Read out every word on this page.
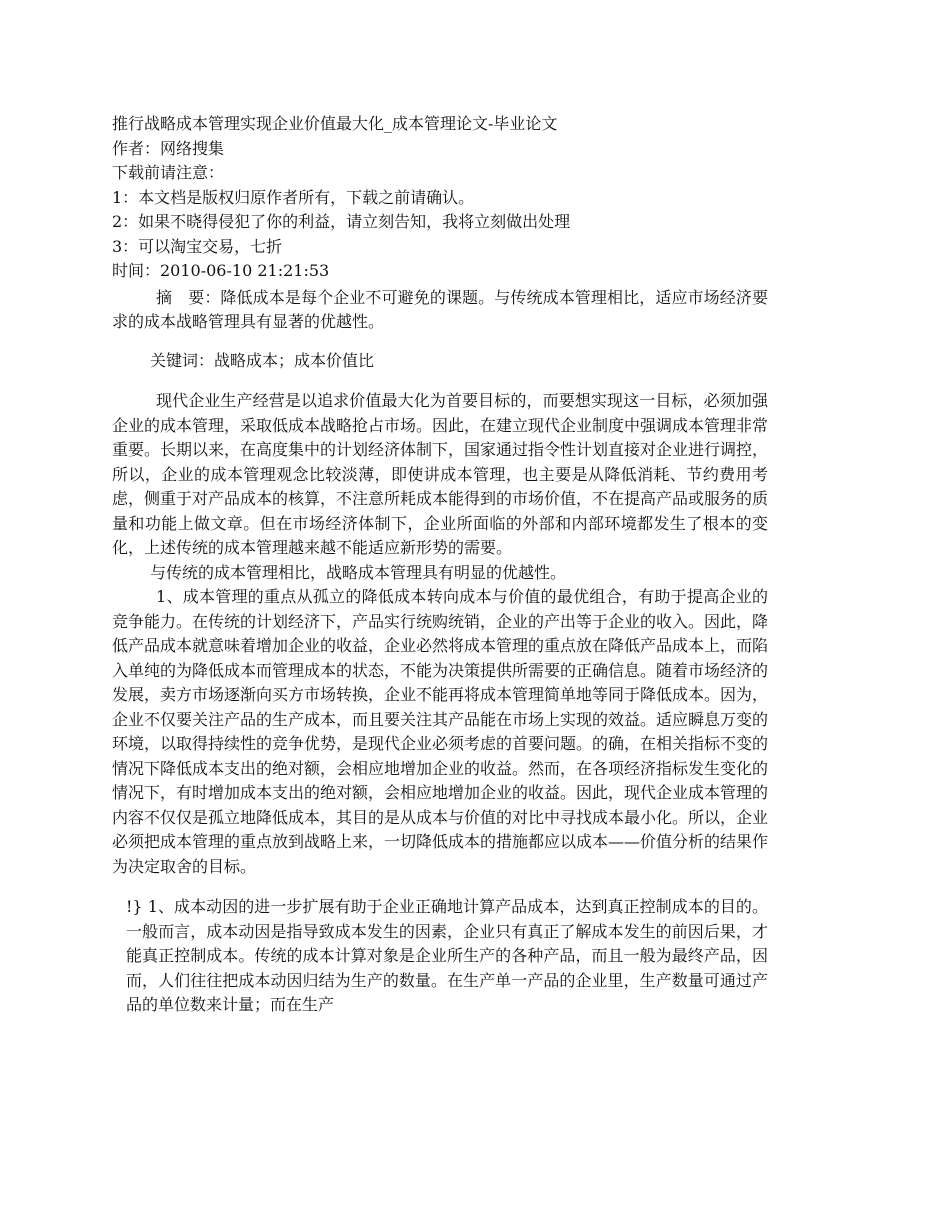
推行战略成本管理实现企业价值最大化_成本管理论文-毕业论文
作者：网络搜集
下载前请注意：
1：本文档是版权归原作者所有，下载之前请确认。
2：如果不晓得侵犯了你的利益，请立刻告知，我将立刻做出处理
3：可以淘宝交易，七折
时间：2010-06-10 21:21:53

摘　要：降低成本是每个企业不可避免的课题。与传统成本管理相比，适应市场经济要求的成本战略管理具有显著的优越性。

关键词：战略成本；成本价值比

现代企业生产经营是以追求价值最大化为首要目标的，而要想实现这一目标，必须加强企业的成本管理，采取低成本战略抢占市场。因此，在建立现代企业制度中强调成本管理非常重要。长期以来，在高度集中的计划经济体制下，国家通过指令性计划直接对企业进行调控，所以，企业的成本管理观念比较淡薄，即使讲成本管理，也主要是从降低消耗、节约费用考虑，侧重于对产品成本的核算，不注意所耗成本能得到的市场价值，不在提高产品或服务的质量和功能上做文章。但在市场经济体制下，企业所面临的外部和内部环境都发生了根本的变化，上述传统的成本管理越来越不能适应新形势的需要。

与传统的成本管理相比，战略成本管理具有明显的优越性。

1、成本管理的重点从孤立的降低成本转向成本与价值的最优组合，有助于提高企业的竞争能力。在传统的计划经济下，产品实行统购统销，企业的产出等于企业的收入。因此，降低产品成本就意味着增加企业的收益，企业必然将成本管理的重点放在降低产品成本上，而陷入单纯的为降低成本而管理成本的状态，不能为决策提供所需要的正确信息。随着市场经济的发展，卖方市场逐渐向买方市场转换，企业不能再将成本管理简单地等同于降低成本。因为，企业不仅要关注产品的生产成本，而且要关注其产品能在市场上实现的效益。适应瞬息万变的环境，以取得持续性的竞争优势，是现代企业必须考虑的首要问题。的确，在相关指标不变的情况下降低成本支出的绝对额，会相应地增加企业的收益。然而，在各项经济指标发生变化的情况下，有时增加成本支出的绝对额，会相应地增加企业的收益。因此，现代企业成本管理的内容不仅仅是孤立地降低成本，其目的是从成本与价值的对比中寻找成本最小化。所以，企业必须把成本管理的重点放到战略上来，一切降低成本的措施都应以成本——价值分析的结果作为决定取舍的目标。

!} 1、成本动因的进一步扩展有助于企业正确地计算产品成本，达到真正控制成本的目的。一般而言，成本动因是指导致成本发生的因素，企业只有真正了解成本发生的前因后果，才能真正控制成本。传统的成本计算对象是企业所生产的各种产品，而且一般为最终产品，因而，人们往往把成本动因归结为生产的数量。在生产单一产品的企业里，生产数量可通过产品的单位数来计量；而在生产
